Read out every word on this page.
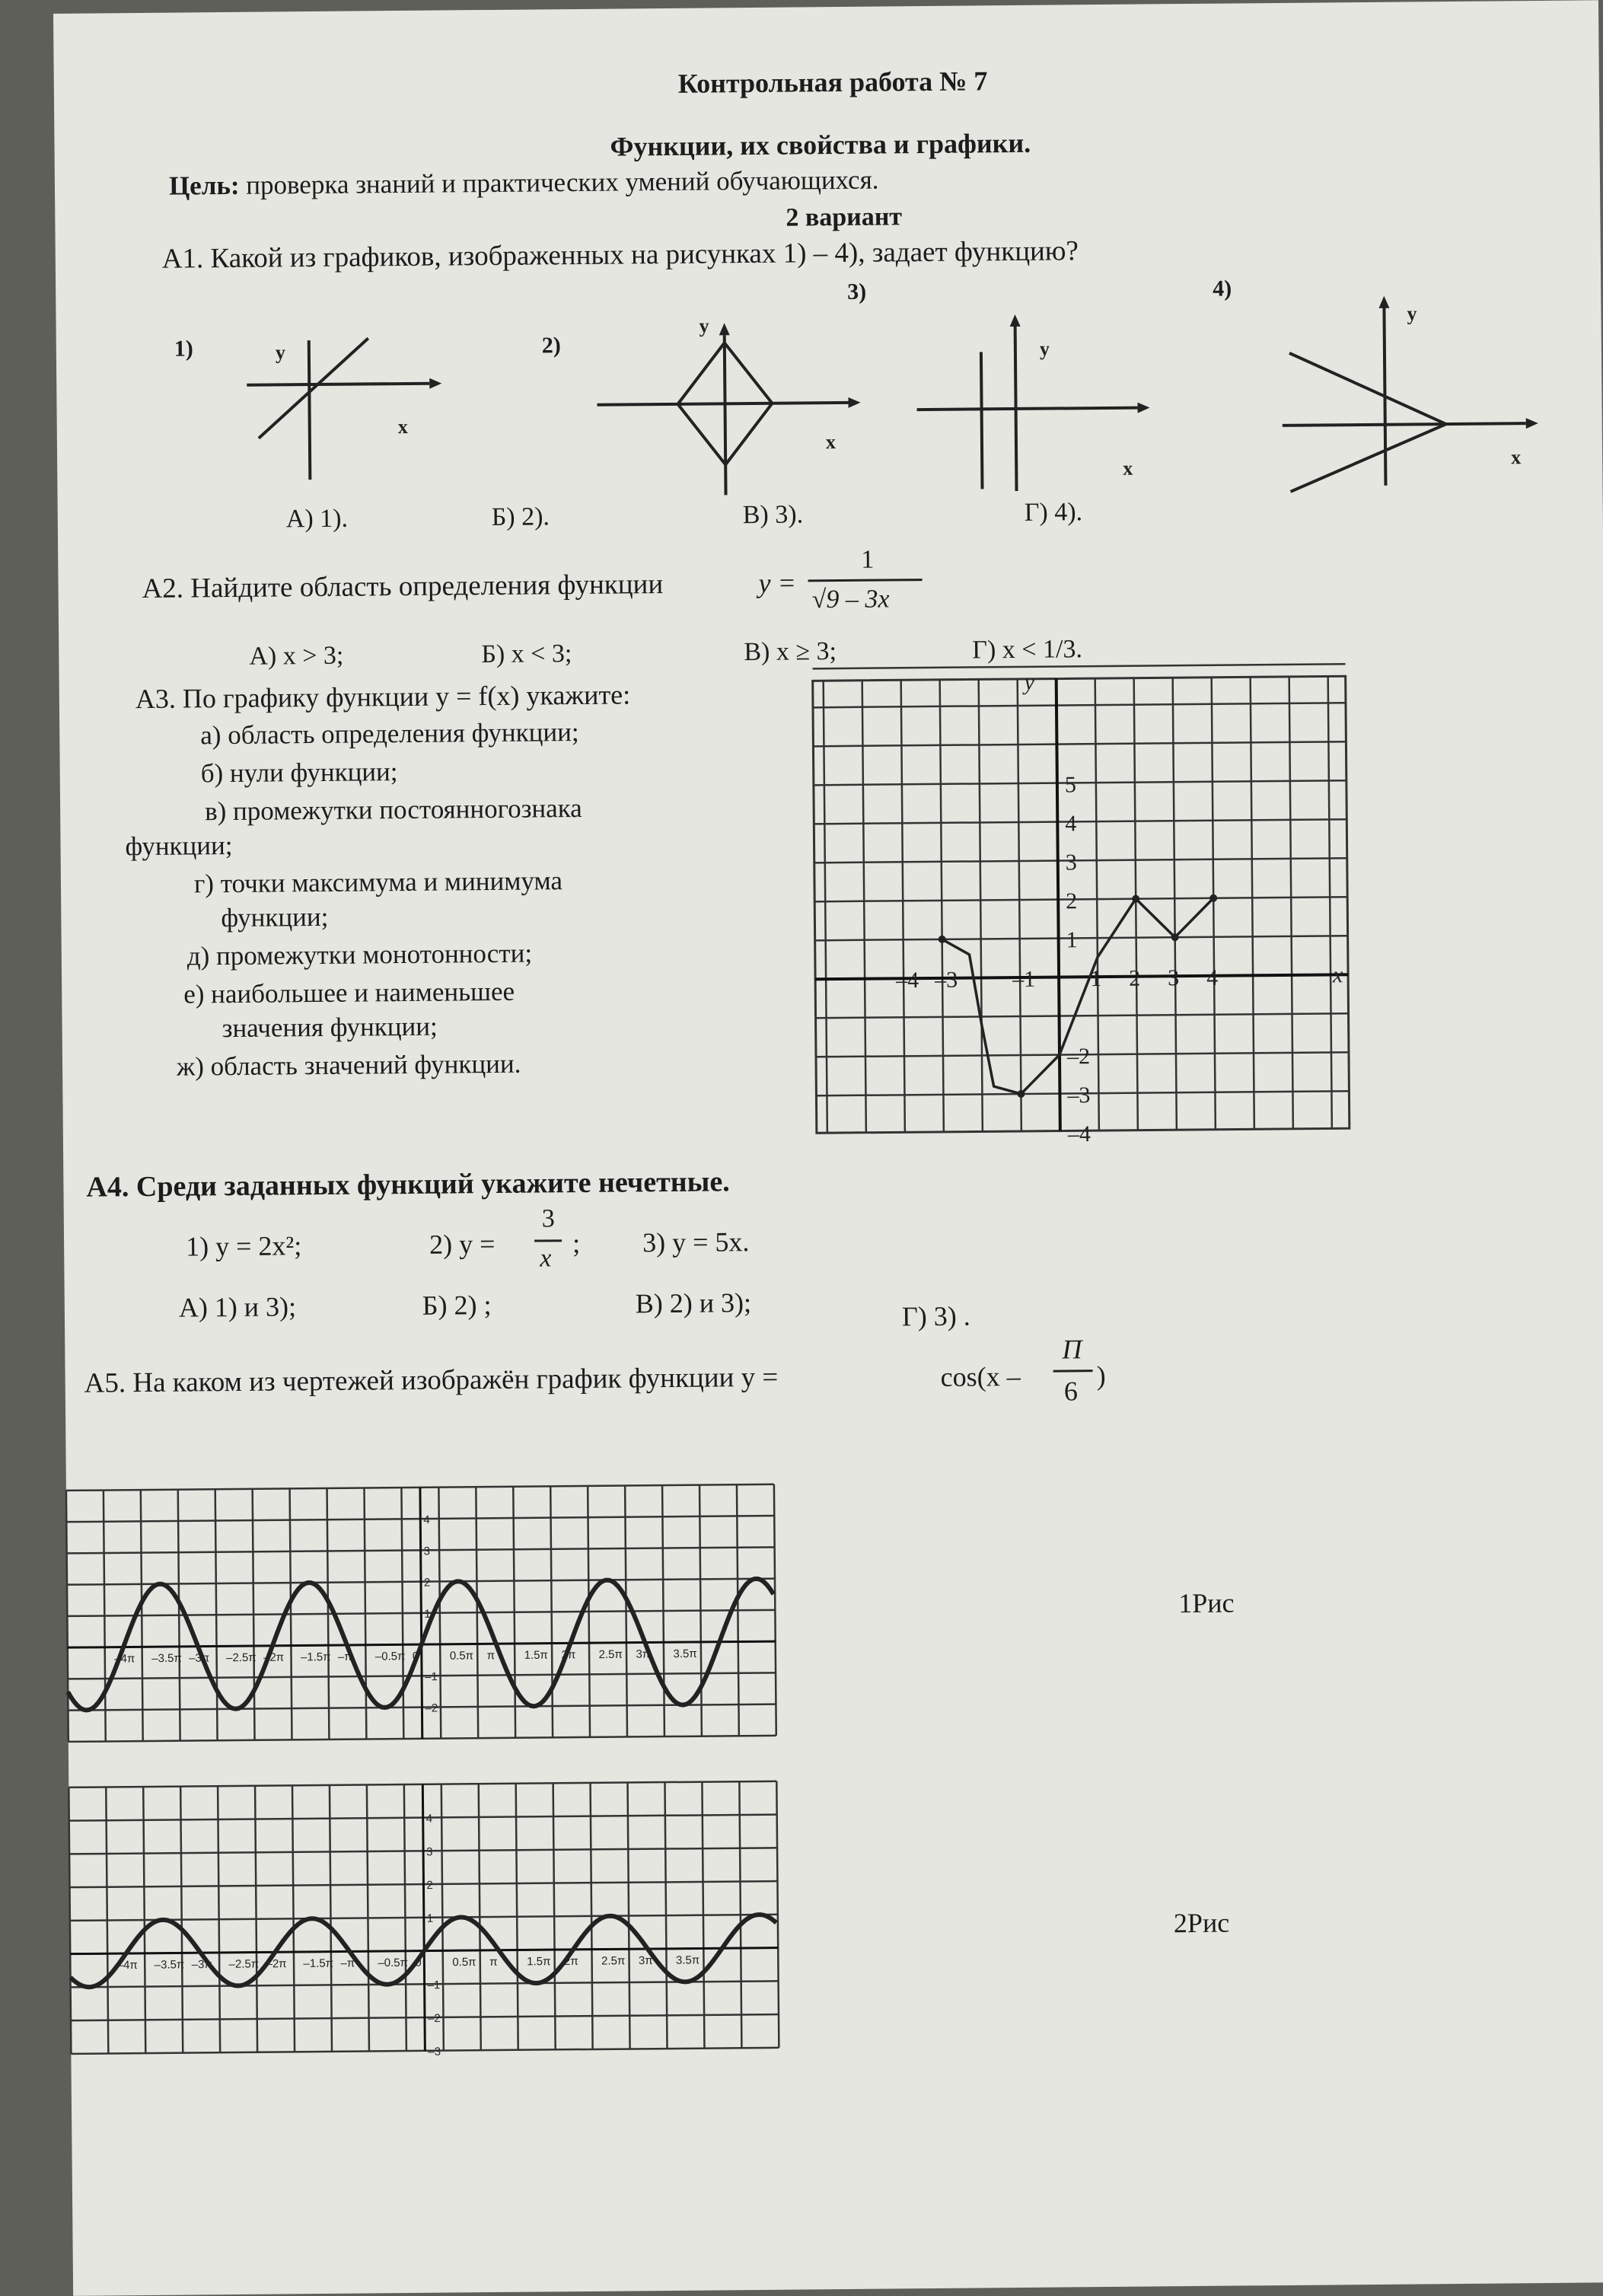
Контрольная работа № 7
Функции, их свойства и графики.
Цель: проверка знаний и практических умений обучающихся.
2 вариант
А1. Какой из графиков, изображенных на рисунках 1) – 4), задает функцию?
1)	2)
3)	4)
y
x
y
x
y
x
y
x
А) 1).	Б) 2).	В) 3).	Г) 4).
А2. Найдите область определения функции	y =
1
√9 – 3x
А) x > 3;	Б) x < 3;	В) x ≥ 3;	Г) x < 1/3.
А3. По графику функции y = f(x) укажите:
а) область определения функции;
б) нули функции;
в) промежутки постоянногознака
функции;
г) точки максимума и минимума
функции;
д) промежутки монотонности;
е) наибольшее и наименьшее
значения функции;
ж) область значений функции.
x
y
–4 –3 –1 1 2 3 4
5
4
3
2
1
–2
–3
–4
А4. Среди заданных функций укажите нечетные.
1) y = 2x²;	2) y =
3
x ; 3) y = 5x.
А) 1) и 3);	Б) 2) ;	В) 2) и 3);	Г) 3) .
А5. На каком из чертежей изображён график функции y =	cos(x –
Π
6
)
–4π –3.5π –3π –2.5π –2π –1.5π –π –0.5π 0	0.5π π	1.5π 2π 2.5π 3π 3.5π
4
3
2
1
–1
–2
–4π –3.5π –3π –2.5π –2π –1.5π –π –0.5π 0	0.5π π	1.5π 2π 2.5π 3π 3.5π
4
3
2
1
–1
–2
–3
1Рис
2Рис
